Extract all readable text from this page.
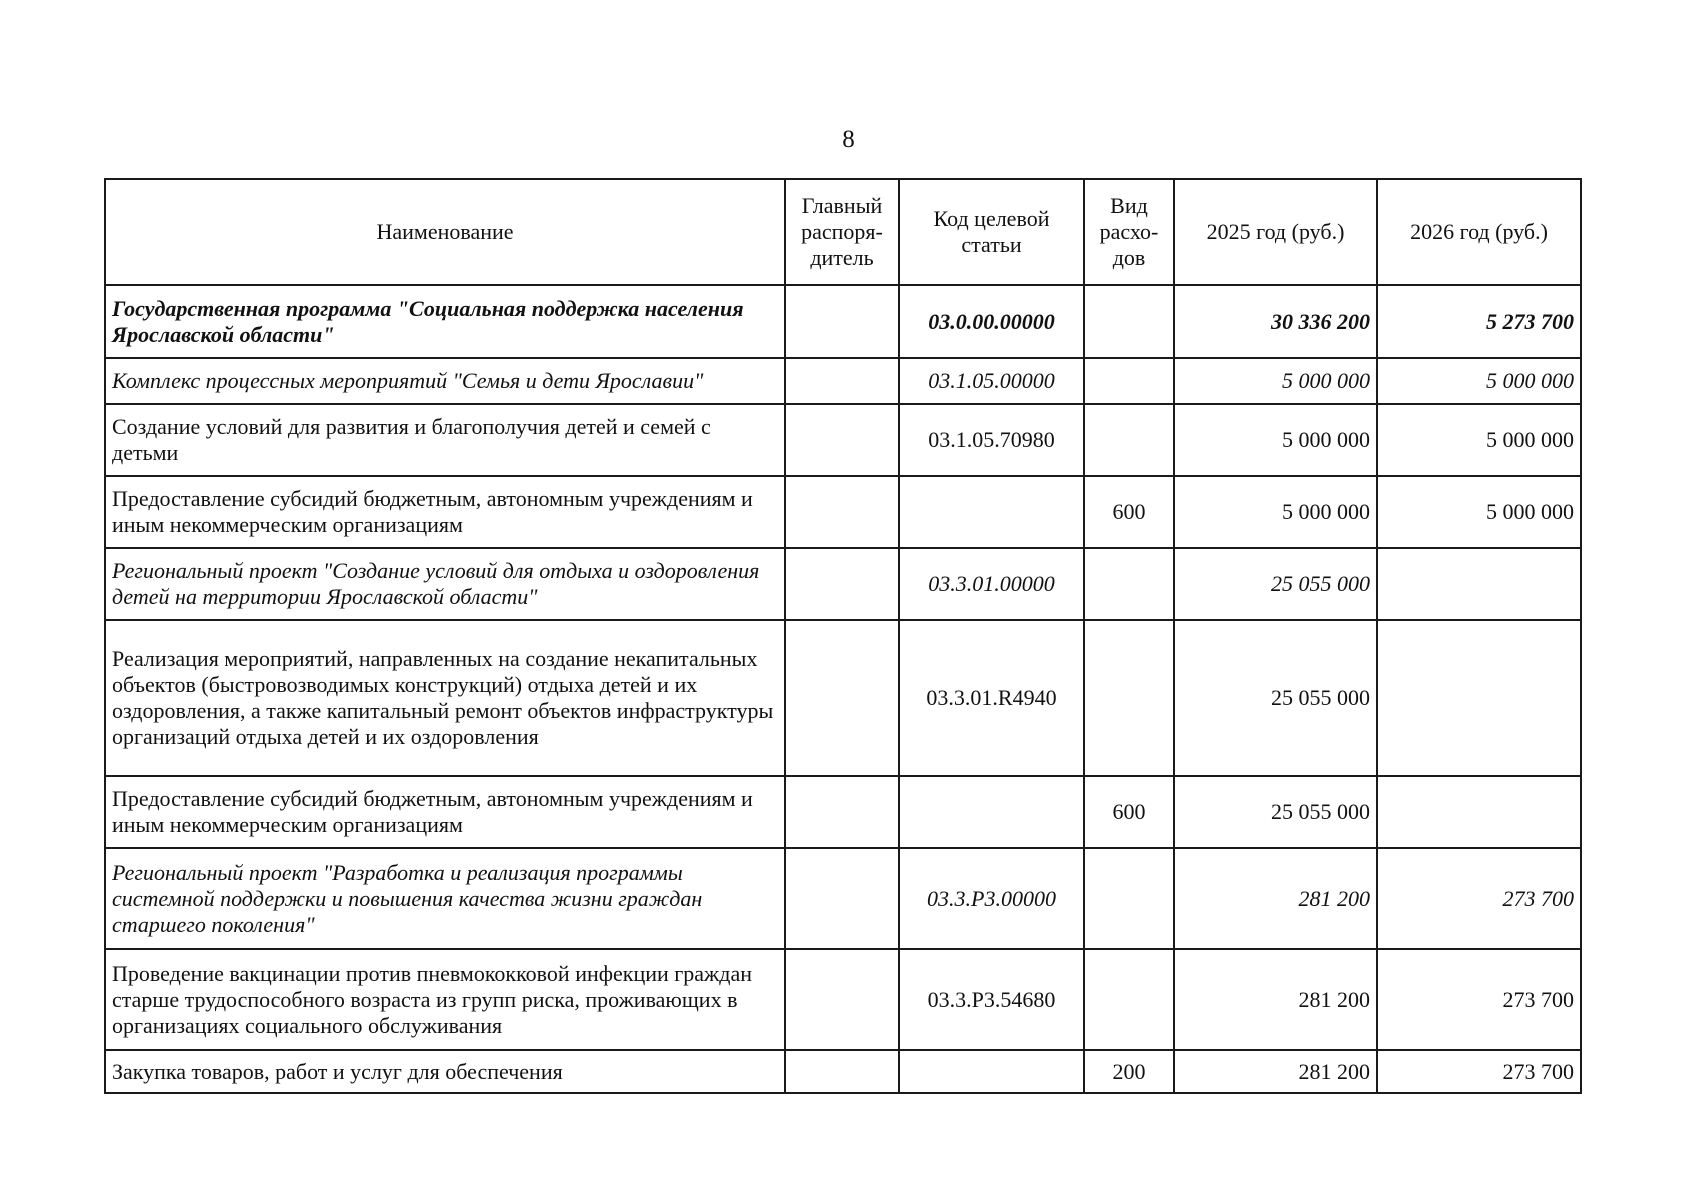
8
Наименование	Главный распоря-дитель	Код целевой статьи	Вид расхо-дов	2025 год (руб.)	2026 год (руб.)
Государственная программа "Социальная поддержка населения Ярославской области"		03.0.00.00000		30 336 200	5 273 700
Комплекс процессных мероприятий "Семья и дети Ярославии"		03.1.05.00000		5 000 000	5 000 000
Создание условий для развития и благополучия детей и семей с детьми		03.1.05.70980		5 000 000	5 000 000
Предоставление субсидий бюджетным, автономным учреждениям и иным некоммерческим организациям			600	5 000 000	5 000 000
Региональный проект "Создание условий для отдыха и оздоровления детей на территории Ярославской области"		03.3.01.00000		25 055 000	
Реализация мероприятий, направленных на создание некапитальных объектов (быстровозводимых конструкций) отдыха детей и их оздоровления, а также капитальный ремонт объектов инфраструктуры организаций отдыха детей и их оздоровления		03.3.01.R4940		25 055 000	
Предоставление субсидий бюджетным, автономным учреждениям и иным некоммерческим организациям			600	25 055 000	
Региональный проект "Разработка и реализация программы системной поддержки и повышения качества жизни граждан старшего поколения"		03.3.P3.00000		281 200	273 700
Проведение вакцинации против пневмококковой инфекции граждан старше трудоспособного возраста из групп риска, проживающих в организациях социального обслуживания		03.3.P3.54680		281 200	273 700
Закупка товаров, работ и услуг для обеспечения			200	281 200	273 700
